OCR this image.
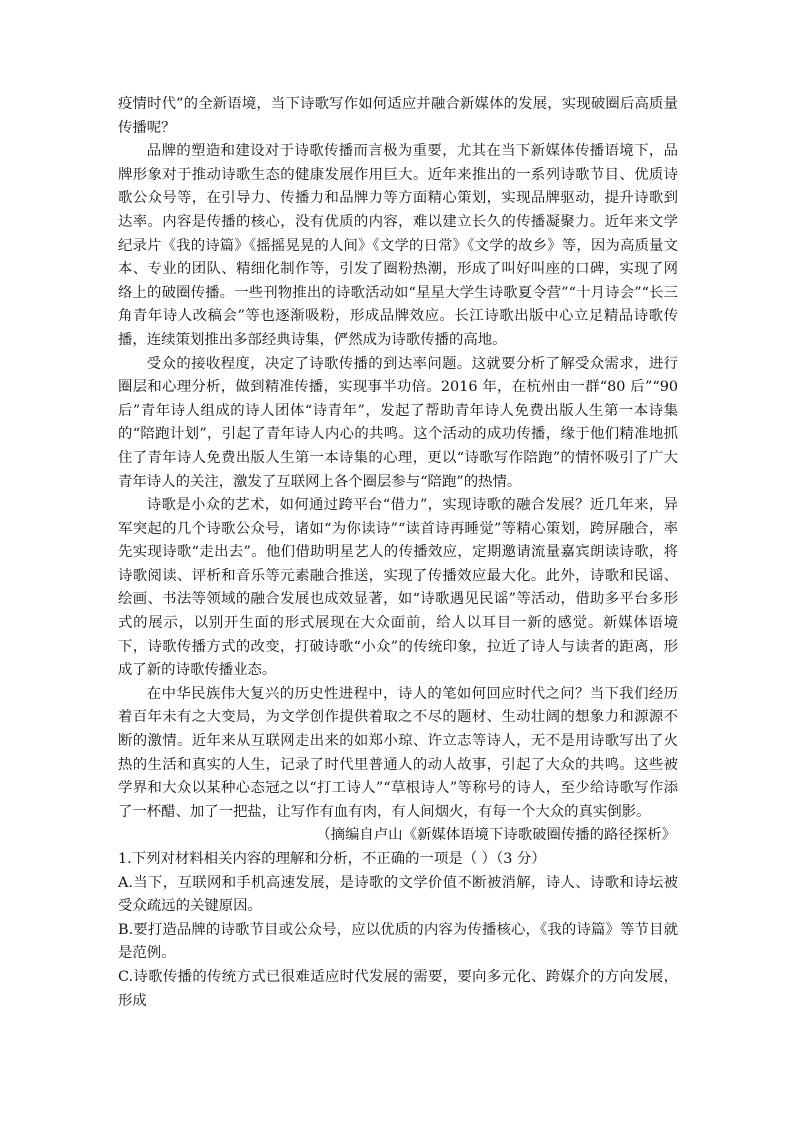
疫情时代”的全新语境，当下诗歌写作如何适应并融合新媒体的发展，实现破圈后高质量传播呢？

品牌的塑造和建设对于诗歌传播而言极为重要，尤其在当下新媒体传播语境下，品牌形象对于推动诗歌生态的健康发展作用巨大。近年来推出的一系列诗歌节目、优质诗歌公众号等，在引导力、传播力和品牌力等方面精心策划，实现品牌驱动，提升诗歌到达率。内容是传播的核心，没有优质的内容，难以建立长久的传播凝聚力。近年来文学纪录片《我的诗篇》《摇摇晃晃的人间》《文学的日常》《文学的故乡》等，因为高质量文本、专业的团队、精细化制作等，引发了圈粉热潮，形成了叫好叫座的口碑，实现了网络上的破圈传播。一些刊物推出的诗歌活动如“星星大学生诗歌夏令营”“十月诗会”“长三角青年诗人改稿会”等也逐渐吸粉，形成品牌效应。长江诗歌出版中心立足精品诗歌传播，连续策划推出多部经典诗集，俨然成为诗歌传播的高地。

受众的接收程度，决定了诗歌传播的到达率问题。这就要分析了解受众需求，进行圈层和心理分析，做到精准传播，实现事半功倍。2016 年，在杭州由一群“80 后”“90 后”青年诗人组成的诗人团体“诗青年”，发起了帮助青年诗人免费出版人生第一本诗集的“陪跑计划”，引起了青年诗人内心的共鸣。这个活动的成功传播，缘于他们精准地抓住了青年诗人免费出版人生第一本诗集的心理，更以“诗歌写作陪跑”的情怀吸引了广大青年诗人的关注，激发了互联网上各个圈层参与“陪跑”的热情。

诗歌是小众的艺术，如何通过跨平台“借力”，实现诗歌的融合发展？近几年来，异军突起的几个诗歌公众号，诸如“为你读诗”“读首诗再睡觉”等精心策划，跨屏融合，率先实现诗歌“走出去”。他们借助明星艺人的传播效应，定期邀请流量嘉宾朗读诗歌，将诗歌阅读、评析和音乐等元素融合推送，实现了传播效应最大化。此外，诗歌和民谣、绘画、书法等领域的融合发展也成效显著，如“诗歌遇见民谣”等活动，借助多平台多形式的展示，以别开生面的形式展现在大众面前，给人以耳目一新的感觉。新媒体语境下，诗歌传播方式的改变，打破诗歌“小众”的传统印象，拉近了诗人与读者的距离，形成了新的诗歌传播业态。

在中华民族伟大复兴的历史性进程中，诗人的笔如何回应时代之问？当下我们经历着百年未有之大变局，为文学创作提供着取之不尽的题材、生动壮阔的想象力和源源不断的激情。近年来从互联网走出来的如郑小琼、许立志等诗人，无不是用诗歌写出了火热的生活和真实的人生，记录了时代里普通人的动人故事，引起了大众的共鸣。这些被学界和大众以某种心态冠之以“打工诗人”“草根诗人”等称号的诗人，至少给诗歌写作添了一杯醋、加了一把盐，让写作有血有肉，有人间烟火，有每一个大众的真实倒影。

（摘编自卢山《新媒体语境下诗歌破圈传播的路径探析》

1.下列对材料相关内容的理解和分析，不正确的一项是（ ）（3 分）

A.当下，互联网和手机高速发展，是诗歌的文学价值不断被消解，诗人、诗歌和诗坛被受众疏远的关键原因。

B.要打造品牌的诗歌节目或公众号，应以优质的内容为传播核心，《我的诗篇》等节目就是范例。

C.诗歌传播的传统方式已很难适应时代发展的需要，要向多元化、跨媒介的方向发展，形成
